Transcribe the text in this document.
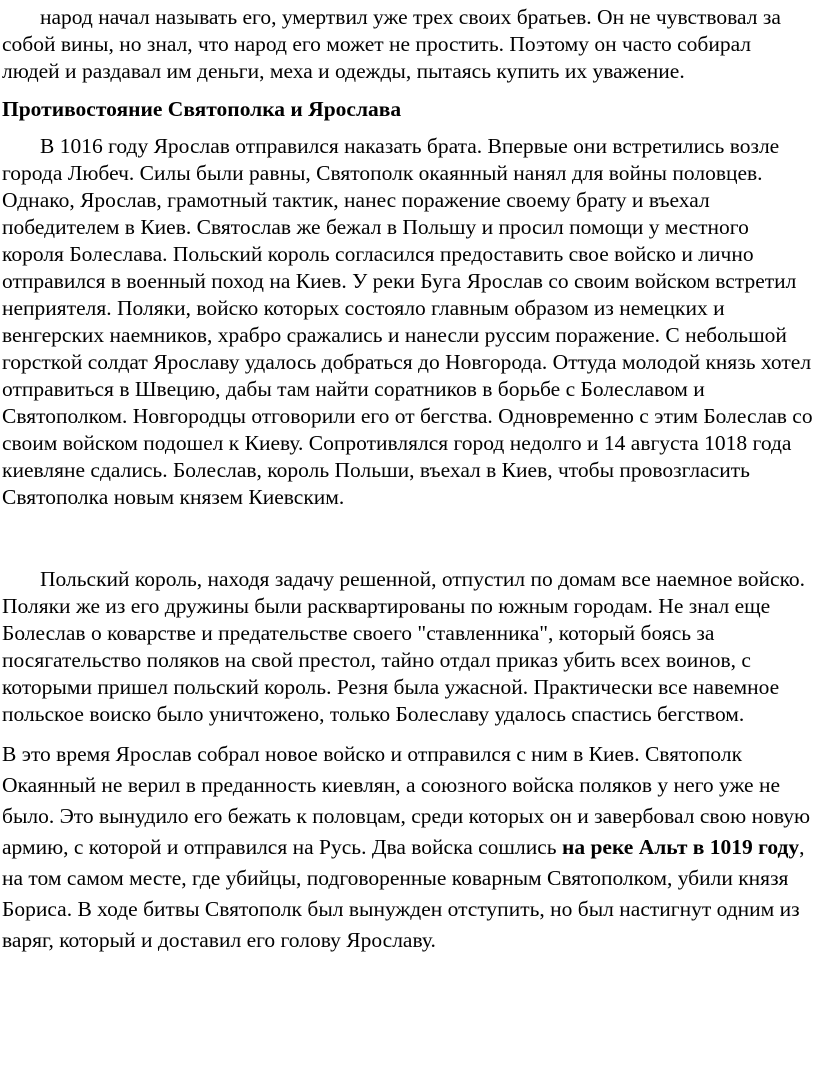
народ начал называть его, умертвил уже трех своих братьев. Он не чувствовал за собой вины, но знал, что народ его может не простить. Поэтому он часто собирал людей и раздавал им деньги, меха и одежды, пытаясь купить их уважение.

Противостояние Святополка и Ярослава

В 1016 году Ярослав отправился наказать брата. Впервые они встретились возле города Любеч. Силы были равны, Святополк окаянный нанял для войны половцев. Однако, Ярослав, грамотный тактик, нанес поражение своему брату и въехал победителем в Киев. Святослав же бежал в Польшу и просил помощи у местного короля Болеслава. Польский король согласился предоставить свое войско и лично отправился в военный поход на Киев. У реки Буга Ярослав со своим войском встретил неприятеля. Поляки, войско которых состояло главным образом из немецких и венгерских наемников, храбро сражались и нанесли руссим поражение. С небольшой горсткой солдат Ярославу удалось добраться до Новгорода. Оттуда молодой князь хотел отправиться в Швецию, дабы там найти соратников в борьбе с Болеславом и Святополком. Новгородцы отговорили его от бегства. Одновременно с этим Болеслав со своим войском подошел к Киеву. Сопротивлялся город недолго и 14 августа 1018 года киевляне сдались. Болеслав, король Польши, въехал в Киев, чтобы провозгласить Святополка новым князем Киевским.

Польский король, находя задачу решенной, отпустил по домам все наемное войско. Поляки же из его дружины были расквартированы по южным городам. Не знал еще Болеслав о коварстве и предательстве своего "ставленника", который боясь за посягательство поляков на свой престол, тайно отдал приказ убить всех воинов, с которыми пришел польский король. Резня была ужасной. Практически все навемное польское воиско было уничтожено, только Болеславу удалось спастись бегством.

В это время Ярослав собрал новое войско и отправился с ним в Киев. Святополк Окаянный не верил в преданность киевлян, а союзного войска поляков у него уже не было. Это вынудило его бежать к половцам, среди которых он и завербовал свою новую армию, с которой и отправился на Русь. Два войска сошлись на реке Альт в 1019 году, на том самом месте, где убийцы, подговоренные коварным Святополком, убили князя Бориса. В ходе битвы Святополк был вынужден отступить, но был настигнут одним из варяг, который и доставил его голову Ярославу.
